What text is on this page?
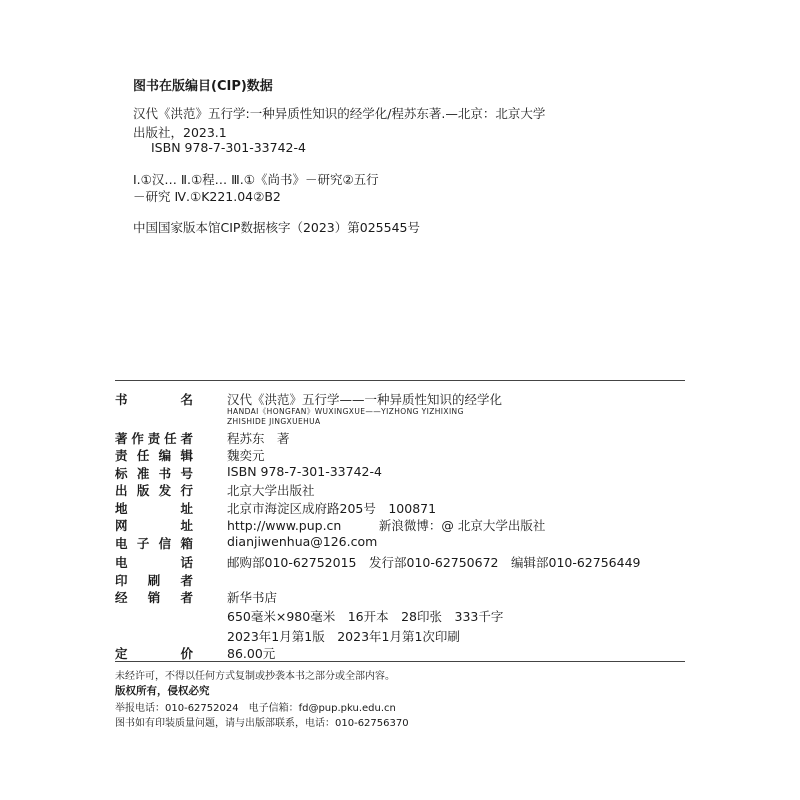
图书在版编目(CIP)数据
汉代《洪范》五行学:一种异质性知识的经学化/程苏东著.—北京：北京大学
出版社，2023.1
ISBN 978-7-301-33742-4
Ⅰ.①汉… Ⅱ.①程… Ⅲ.①《尚书》－研究②五行
－研究 Ⅳ.①K221.04②B2
中国国家版本馆CIP数据核字（2023）第025545号
书 名	汉代《洪范》五行学——一种异质性知识的经学化
HANDAI《HONGFAN》WUXINGXUE——YIZHONG YIZHIXING
ZHISHIDE JINGXUEHUA
著作责任者	程苏东　著
责任编辑	魏奕元
标准书号	ISBN 978-7-301-33742-4
出版发行	北京大学出版社
地 址	北京市海淀区成府路205号　100871
网 址	http://www.pup.cn　　　新浪微博：@ 北京大学出版社
电子信箱	dianjiwenhua@126.com
电 话	邮购部010-62752015　发行部010-62750672　编辑部010-62756449
印 刷 者
经 销 者	新华书店
650毫米×980毫米　16开本　28印张　333千字
2023年1月第1版　2023年1月第1次印刷
定 价	86.00元
未经许可，不得以任何方式复制或抄袭本书之部分或全部内容。
版权所有，侵权必究
举报电话：010-62752024　电子信箱：fd@pup.pku.edu.cn
图书如有印装质量问题，请与出版部联系，电话：010-62756370
